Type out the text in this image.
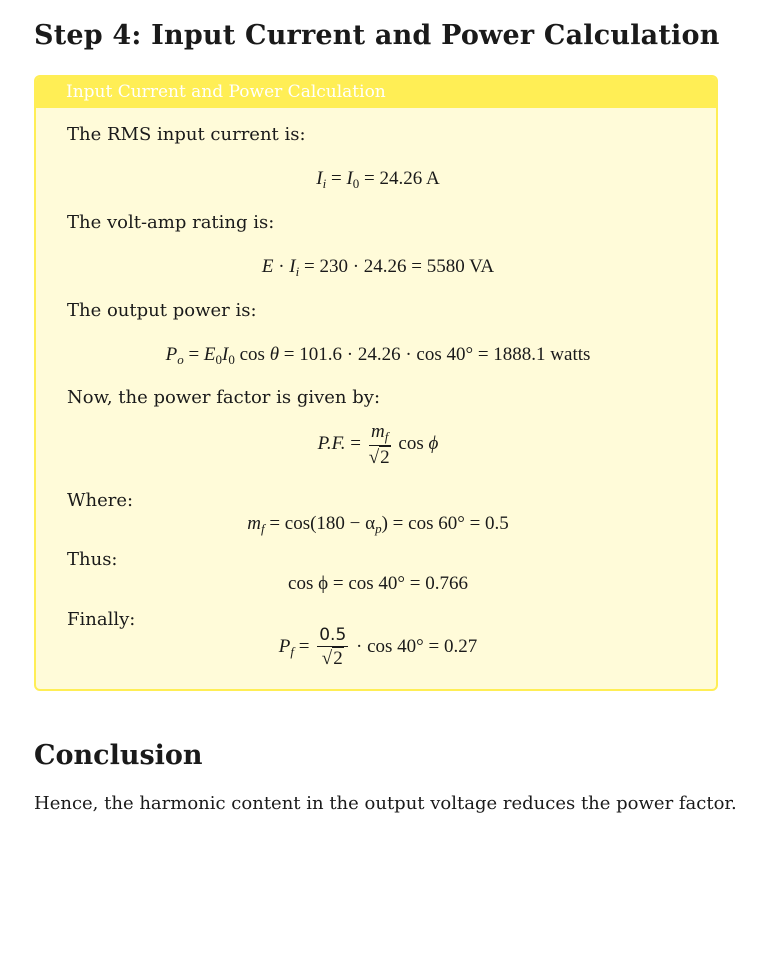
Step 4: Input Current and Power Calculation
Input Current and Power Calculation
The RMS input current is:
$I_i = I_0 = 24.26$ A
The volt-amp rating is:
$E \cdot I_i = 230 \cdot 24.26 = 5580$ VA
The output power is:
$P_o = E_0I_0$ cos θ = 101.6 · 24.26 · cos 40° = 1888.1 watts
Now, the power factor is given by:
P.F. = $\frac{m_f}{√2}$ cos ϕ
Where:
$m_f = \cos(180 - \alpha_p) = \cos 60^\circ = 0.5$
Thus:
cos ϕ = cos 40° = 0.766
Finally:
$P_f = \frac{0.5}{√2} \cdot \cos 40^\circ = 0.27$
Conclusion
Hence, the harmonic content in the output voltage reduces the power factor.
